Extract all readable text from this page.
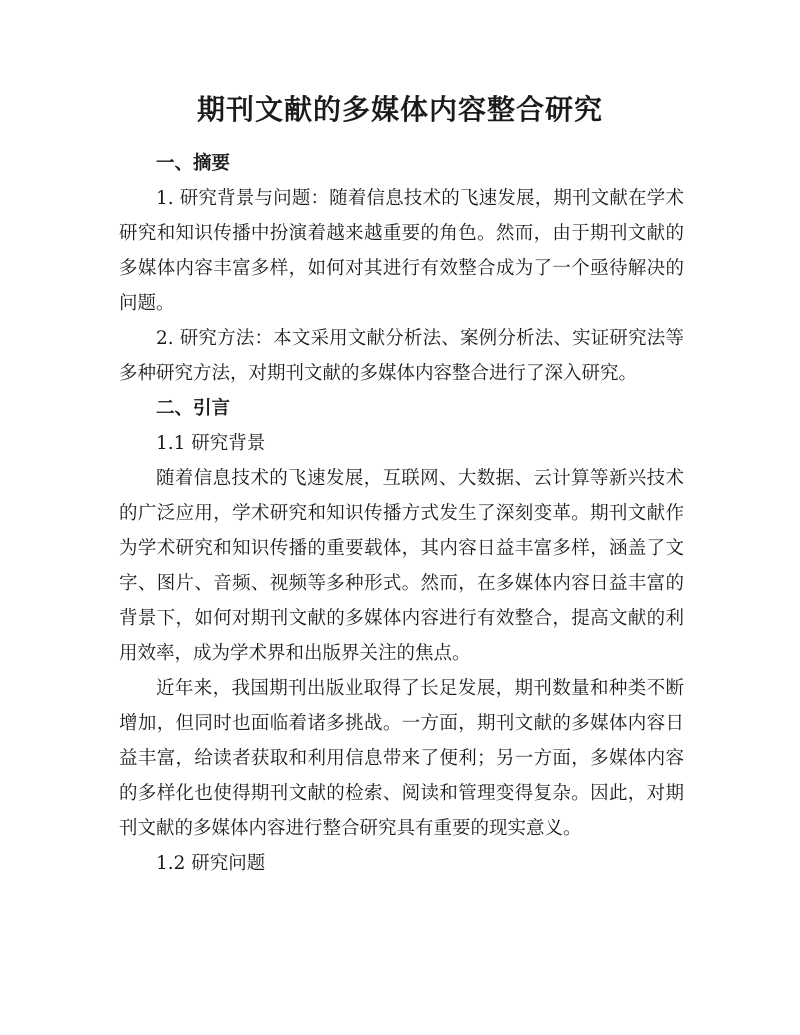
期刊文献的多媒体内容整合研究

一、摘要

1. 研究背景与问题：随着信息技术的飞速发展，期刊文献在学术研究和知识传播中扮演着越来越重要的角色。然而，由于期刊文献的多媒体内容丰富多样，如何对其进行有效整合成为了一个亟待解决的问题。

2. 研究方法：本文采用文献分析法、案例分析法、实证研究法等多种研究方法，对期刊文献的多媒体内容整合进行了深入研究。

二、引言

1.1 研究背景

随着信息技术的飞速发展，互联网、大数据、云计算等新兴技术的广泛应用，学术研究和知识传播方式发生了深刻变革。期刊文献作为学术研究和知识传播的重要载体，其内容日益丰富多样，涵盖了文字、图片、音频、视频等多种形式。然而，在多媒体内容日益丰富的背景下，如何对期刊文献的多媒体内容进行有效整合，提高文献的利用效率，成为学术界和出版界关注的焦点。

近年来，我国期刊出版业取得了长足发展，期刊数量和种类不断增加，但同时也面临着诸多挑战。一方面，期刊文献的多媒体内容日益丰富，给读者获取和利用信息带来了便利；另一方面，多媒体内容的多样化也使得期刊文献的检索、阅读和管理变得复杂。因此，对期刊文献的多媒体内容进行整合研究具有重要的现实意义。

1.2 研究问题
